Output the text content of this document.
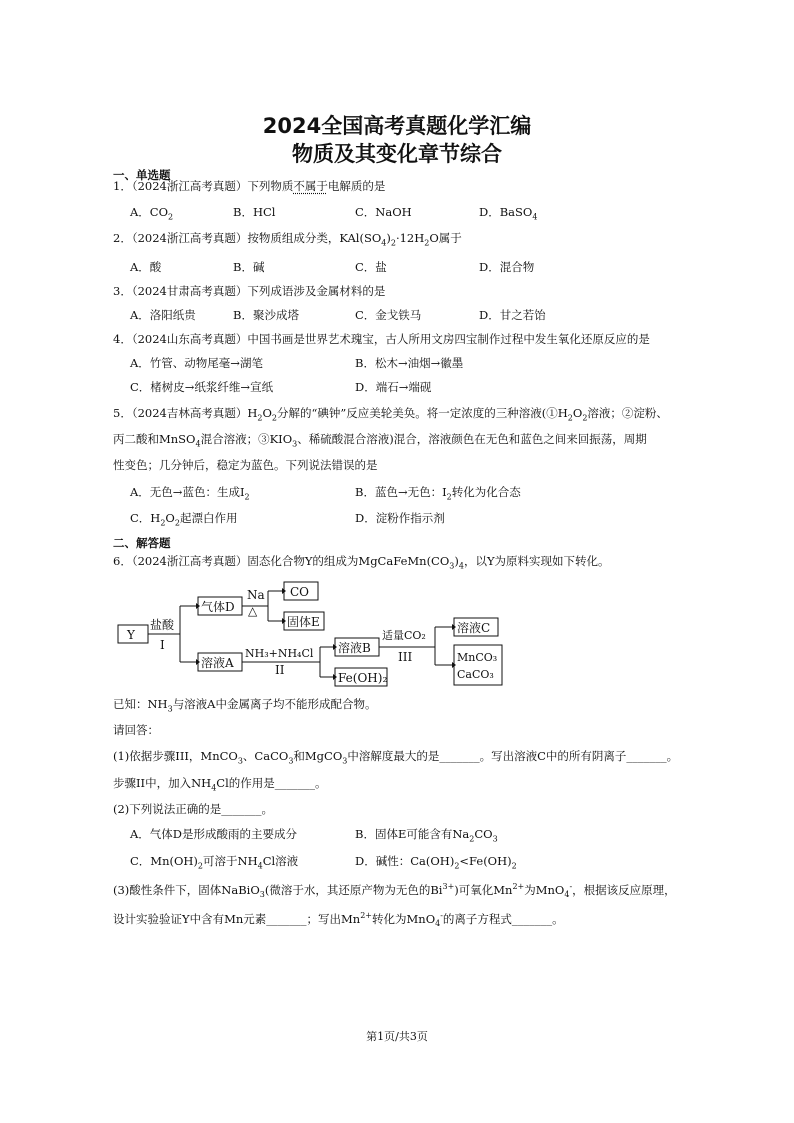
2024全国高考真题化学汇编
物质及其变化章节综合
一、单选题
1．（2024浙江高考真题）下列物质不属于电解质的是
A．$CO_2$	B．HCl	C．NaOH	D．BaSO$_4$
2．（2024浙江高考真题）按物质组成分类，$KAl(SO_4)_2\cdot 12H_2O$属于
A．酸	B．碱	C．盐	D．混合物
3．（2024甘肃高考真题）下列成语涉及金属材料的是
A．洛阳纸贵	B．聚沙成塔	C．金戈铁马	D．甘之若饴
4．（2024山东高考真题）中国书画是世界艺术瑰宝，古人所用文房四宝制作过程中发生氧化还原反应的是
A．竹管、动物尾毫→湖笔	B．松木→油烟→徽墨
C．楮树皮→纸浆纤维→宣纸	D．端石→端砚
5．（2024吉林高考真题）$H_2O_2$分解的“碘钟”反应美轮美奂。将一定浓度的三种溶液($①H_2O_2$溶液；②淀粉、
丙二酸和MnSO$_4$混合溶液；$③KIO_3$、稀硫酸混合溶液)混合，溶液颜色在无色和蓝色之间来回振荡，周期
性变色；几分钟后，稳定为蓝色。下列说法错误的是
A．无色→蓝色：生成$I_2$	B．蓝色→无色：$I_2$转化为化合态
C．$H_2O_2$起漂白作用	D．淀粉作指示剂
二、解答题
6．（2024浙江高考真题）固态化合物Y的组成为$MgCaFeMn(CO_3)_4$，以Y为原料实现如下转化。
Y
盐酸
I
气体D
Na
△
CO
固体E
溶液A
NH₃+NH₄Cl
II
溶液B
Fe(OH)₂
适量CO₂
III
溶液C
MnCO₃
CaCO₃
已知：$NH_3$与溶液A中金属离子均不能形成配合物。
请回答：
(1)依据步骤III，MnCO$_3$、CaCO$_3$和MgCO$_3$中溶解度最大的是_______。写出溶液C中的所有阴离子_______。
步骤II中，加入$NH_4Cl$的作用是_______。
(2)下列说法正确的是_______。
A．气体D是形成酸雨的主要成分	B．固体E可能含有$Na_2CO_3$
C．$Mn(OH)_2$可溶于$NH_4Cl$溶液	D．碱性：$Ca(OH)_2<Fe(OH)_2$
(3)酸性条件下，固体NaBiO$_3$(微溶于水，其还原产物为无色的$Bi^{3+}$)可氧化$Mn^{2+}$为MnO$_4$-，根据该反应原理，
设计实验验证Y中含有Mn元素_______；写出$Mn^{2+}$转化为MnO$_4$-的离子方程式_______。
第1页/共3页
